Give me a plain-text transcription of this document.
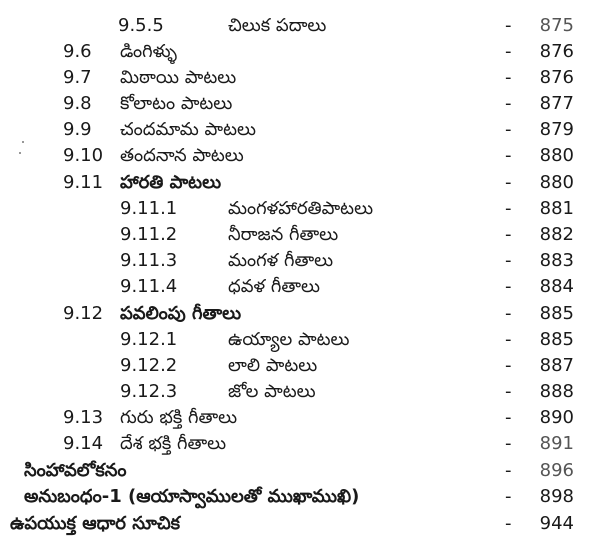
9.5.5	చిలుక పదాలు	- 875
9.6 డింగిళ్ళు	- 876
9.7 మిఠాయి పాటలు	- 876
9.8 కోలాటం పాటలు	- 877
9.9 చందమామ పాటలు	- 879
9.10 తందనాన పాటలు	- 880
9.11 హారతి పాటలు	- 880
9.11.1	మంగళహారతిపాటలు	- 881
9.11.2	నీరాజన గీతాలు	- 882
9.11.3	మంగళ గీతాలు	- 883
9.11.4	ధవళ గీతాలు	- 884
9.12 పవలింపు గీతాలు	- 885
9.12.1	ఉయ్యాల పాటలు	- 885
9.12.2	లాలి పాటలు	- 887
9.12.3	జోల పాటలు	- 888
9.13 గురు భక్తి గీతాలు	- 890
9.14 దేశ భక్తి గీతాలు	- 891
సింహావలోకనం	- 896
అనుబంధం-1 (ఆయాస్వాములతో ముఖాముఖి)	- 898
ఉపయుక్త ఆధార సూచిక	- 944
